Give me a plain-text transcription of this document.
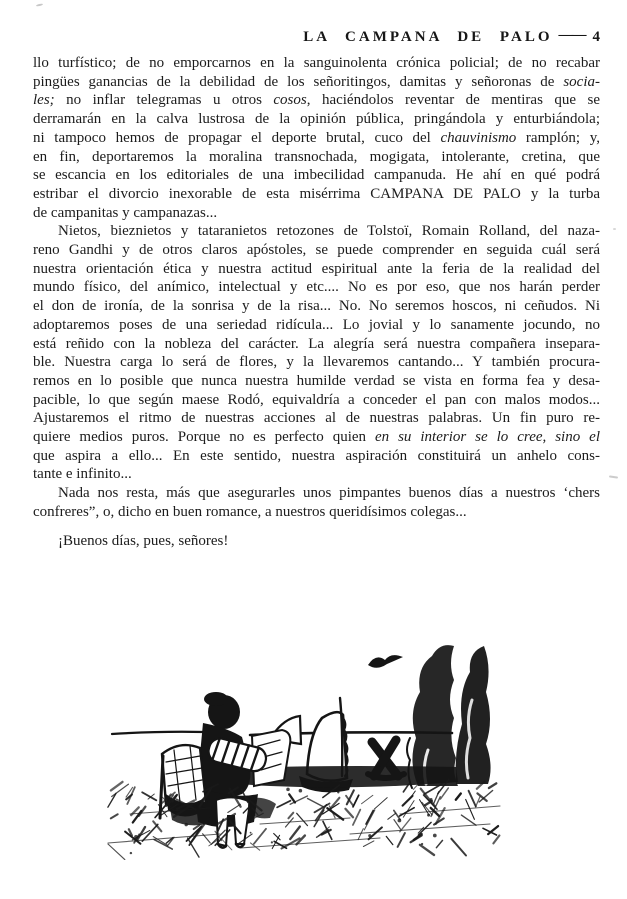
LA CAMPANA DE PALO —— 4
llo turfístico; de no emporcarnos en la sanguinolenta crónica policial; de no recabar
pingües ganancias de la debilidad de los señoritingos, damitas y señoronas de socia-
les; no inflar telegramas u otros cosos, haciéndolos reventar de mentiras que se
derramarán en la calva lustrosa de la opinión pública, pringándola y enturbiándola;
ni tampoco hemos de propagar el deporte brutal, cuco del chauvinismo ramplón; y,
en fin, deportaremos la moralina transnochada, mogigata, intolerante, cretina, que
se escancia en los editoriales de una imbecilidad campanuda. He ahí en qué podrá
estribar el divorcio inexorable de esta misérrima CAMPANA DE PALO y la turba
de campanitas y campanazas...
Nietos, bieznietos y tataranietos retozones de Tolstoï, Romain Rolland, del naza-
reno Gandhi y de otros claros apóstoles, se puede comprender en seguida cuál será
nuestra orientación ética y nuestra actitud espiritual ante la feria de la realidad del
mundo físico, del anímico, intelectual y etc.... No es por eso, que nos harán perder
el don de ironía, de la sonrisa y de la risa... No. No seremos hoscos, ni ceñudos. Ni
adoptaremos poses de una seriedad ridícula... Lo jovial y lo sanamente jocundo, no
está reñido con la nobleza del carácter. La alegría será nuestra compañera insepara-
ble. Nuestra carga lo será de flores, y la llevaremos cantando... Y también procura-
remos en lo posible que nunca nuestra humilde verdad se vista en forma fea y desa-
pacible, lo que según maese Rodó, equivaldría a conceder el pan con malos modos...
Ajustaremos el ritmo de nuestras acciones al de nuestras palabras. Un fin puro re-
quiere medios puros. Porque no es perfecto quien en su interior se lo cree, sino el
que aspira a ello... En este sentido, nuestra aspiración constituirá un anhelo cons-
tante e infinito...
Nada nos resta, más que asegurarles unos pimpantes buenos días a nuestros ‘chers
confreres”, o, dicho en buen romance, a nuestros queridísimos colegas...
¡Buenos días, pues, señores!
